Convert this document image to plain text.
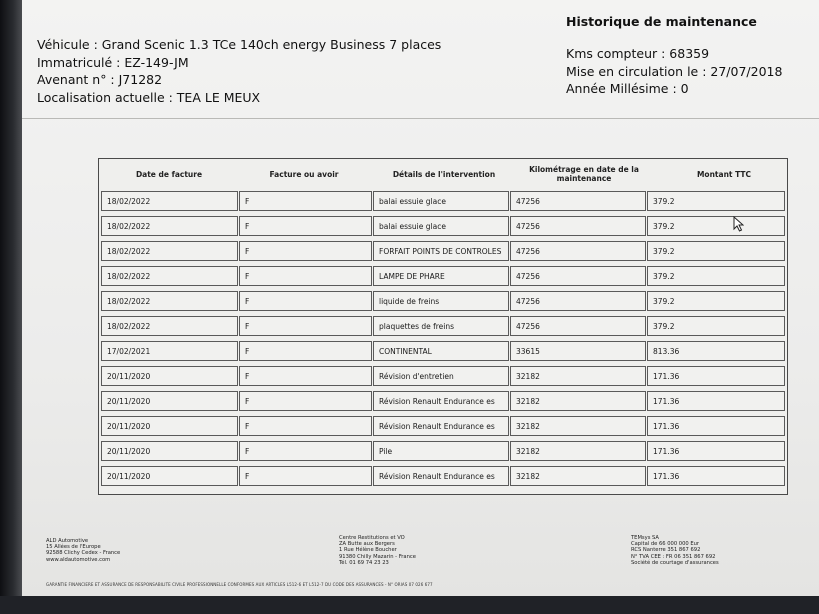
Véhicule : Grand Scenic 1.3 TCe 140ch energy Business 7 places
Immatriculé : EZ-149-JM
Avenant n° : J71282
Localisation actuelle : TEA LE MEUX
Historique de maintenance
Kms compteur : 68359
Mise en circulation le : 27/07/2018
Année Millésime : 0
Date de facture	Facture ou avoir	Détails de l'intervention	Kilométrage en date de la maintenance	Montant TTC
18/02/2022	F	balai essuie glace	47256	379.2
18/02/2022	F	balai essuie glace	47256	379.2
18/02/2022	F	FORFAIT POINTS DE CONTROLES	47256	379.2
18/02/2022	F	LAMPE DE PHARE	47256	379.2
18/02/2022	F	liquide de freins	47256	379.2
18/02/2022	F	plaquettes de freins	47256	379.2
17/02/2021	F	CONTINENTAL	33615	813.36
20/11/2020	F	Révision d'entretien	32182	171.36
20/11/2020	F	Révision Renault Endurance es	32182	171.36
20/11/2020	F	Révision Renault Endurance es	32182	171.36
20/11/2020	F	Pile	32182	171.36
20/11/2020	F	Révision Renault Endurance es	32182	171.36
ALD Automotive
15 Allées de l'Europe
92588 Clichy Cedex - France
www.aldautomotive.com
Centre Restitutions et VO
ZA Butte aux Bergers
1 Rue Hélène Boucher
91380 Chilly Mazarin - France
Tél. 01 69 74 23 23
TEMsys SA
Capital de 66 000 000 Eur
RCS Nanterre 351 867 692
N° TVA CEE : FR 06 351 867 692
Société de courtage d'assurances
GARANTIE FINANCIERE ET ASSURANCE DE RESPONSABILITE CIVILE PROFESSIONNELLE CONFORMES AUX ARTICLES L512-6 ET L512-7 DU CODE DES ASSURANCES - N° ORIAS 07 026 677
